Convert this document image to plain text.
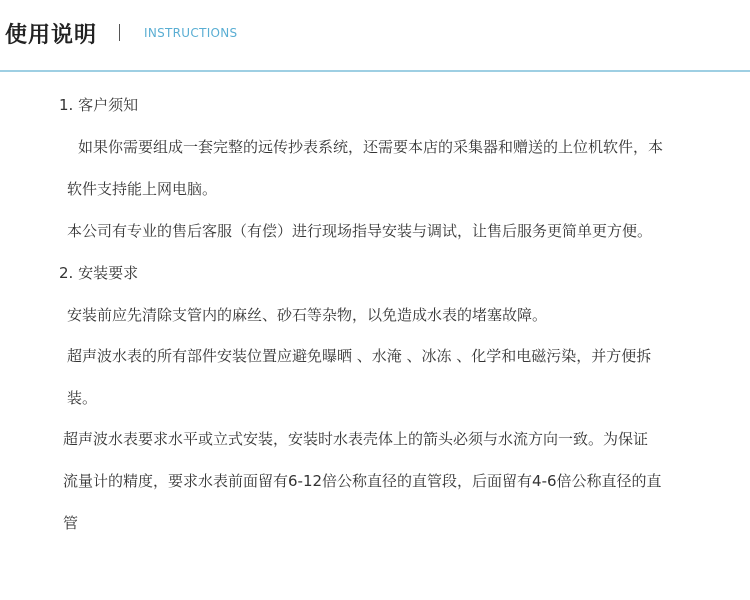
使用说明	INSTRUCTIONS
1. 客户须知
如果你需要组成一套完整的远传抄表系统，还需要本店的采集器和赠送的上位机软件，本
软件支持能上网电脑。
本公司有专业的售后客服（有偿）进行现场指导安装与调试，让售后服务更简单更方便。
2. 安装要求
安装前应先清除支管内的麻丝、砂石等杂物，以免造成水表的堵塞故障。
超声波水表的所有部件安装位置应避免曝晒 、水淹 、冰冻 、化学和电磁污染，并方便拆
装。
超声波水表要求水平或立式安装，安装时水表壳体上的箭头必须与水流方向一致。为保证
流量计的精度，要求水表前面留有6-12倍公称直径的直管段，后面留有4-6倍公称直径的直
管
